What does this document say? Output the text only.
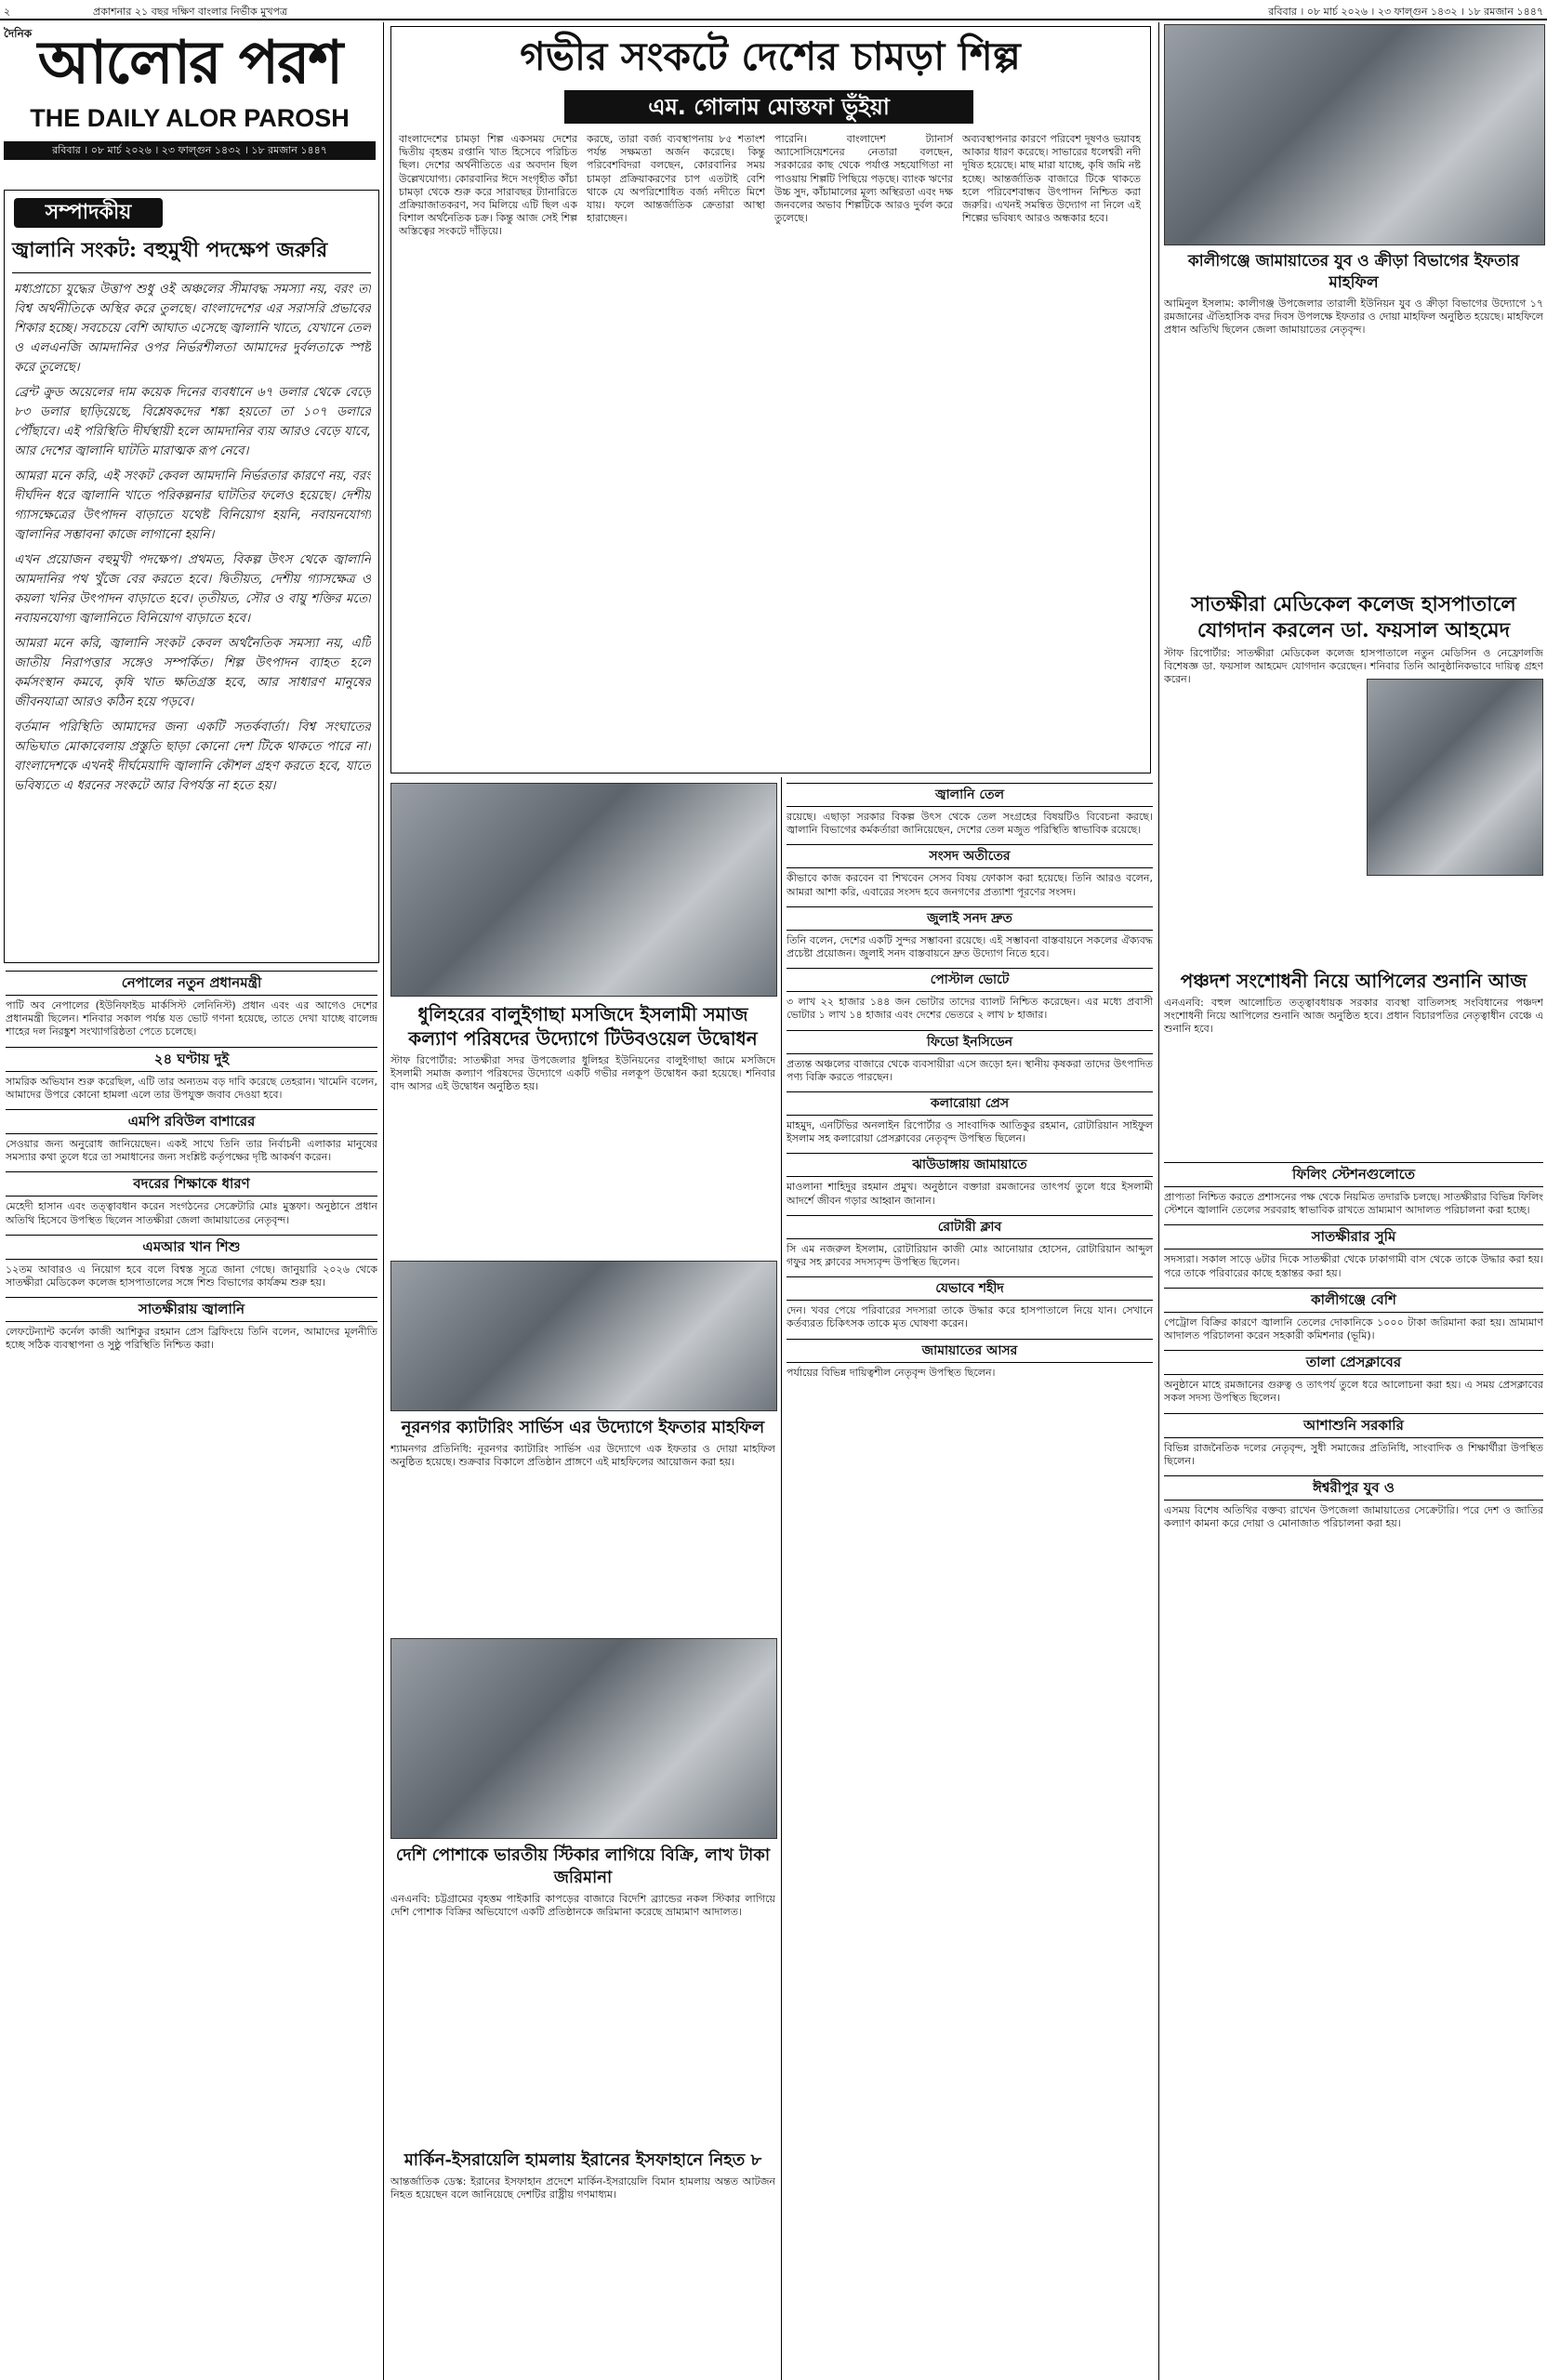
২	প্রকাশনার ২১ বছর দক্ষিণ বাংলার নির্ভীক মুখপত্র	রবিবার । ০৮ মার্চ ২০২৬ । ২৩ ফাল্গুন ১৪৩২ । ১৮ রমজান ১৪৪৭
দৈনিক আলোর পরশ
THE DAILY ALOR PAROSH
রবিবার । ০৮ মার্চ ২০২৬ । ২৩ ফাল্গুন ১৪৩২ । ১৮ রমজান ১৪৪৭
সম্পাদকীয়
জ্বালানি সংকট: বহুমুখী পদক্ষেপ জরুরি

মধ্যপ্রাচ্যে যুদ্ধের উত্তাপ শুধু ওই অঞ্চলের সীমাবদ্ধ সমস্যা নয়, বরং তা বিশ্ব অর্থনীতিকে অস্থির করে তুলছে। বাংলাদেশের এর সরাসরি প্রভাবের শিকার হচ্ছে। সবচেয়ে বেশি আঘাত এসেছে জ্বালানি খাতে, যেখানে তেল ও এলএনজি আমদানির ওপর নির্ভরশীলতা আমাদের দুর্বলতাকে স্পষ্ট করে তুলেছে।

ব্রেন্ট ক্রুড অয়েলের দাম কয়েক দিনের ব্যবধানে ৬৭ ডলার থেকে বেড়ে ৮৩ ডলার ছাড়িয়েছে, বিশ্লেষকদের শঙ্কা হয়তো তা ১০৭ ডলারে পৌঁছাবে। এই পরিস্থিতি দীর্ঘস্থায়ী হলে আমদানির ব্যয় আরও বেড়ে যাবে, আর দেশের জ্বালানি ঘাটতি মারাত্মক রূপ নেবে।

আমরা মনে করি, এই সংকট কেবল আমদানি নির্ভরতার কারণে নয়, বরং দীর্ঘদিন ধরে জ্বালানি খাতে পরিকল্পনার ঘাটতির ফলেও হয়েছে। দেশীয় গ্যাসক্ষেত্রের উৎপাদন বাড়াতে যথেষ্ট বিনিয়োগ হয়নি, নবায়নযোগ্য জ্বালানির সম্ভাবনা কাজে লাগানো হয়নি।

এখন প্রয়োজন বহুমুখী পদক্ষেপ। প্রথমত, বিকল্প উৎস থেকে জ্বালানি আমদানির পথ খুঁজে বের করতে হবে। দ্বিতীয়ত, দেশীয় গ্যাসক্ষেত্র ও কয়লা খনির উৎপাদন বাড়াতে হবে। তৃতীয়ত, সৌর ও বায়ু শক্তির মতো নবায়নযোগ্য জ্বালানিতে বিনিয়োগ বাড়াতে হবে।

আমরা মনে করি, জ্বালানি সংকট কেবল অর্থনৈতিক সমস্যা নয়, এটি জাতীয় নিরাপত্তার সঙ্গেও সম্পর্কিত। শিল্প উৎপাদন ব্যাহত হলে কর্মসংস্থান কমবে, কৃষি খাত ক্ষতিগ্রস্ত হবে, আর সাধারণ মানুষের জীবনযাত্রা আরও কঠিন হয়ে পড়বে।

বর্তমান পরিস্থিতি আমাদের জন্য একটি সতর্কবার্তা। বিশ্ব সংঘাতের অভিঘাত মোকাবেলায় প্রস্তুতি ছাড়া কোনো দেশ টিকে থাকতে পারে না। বাংলাদেশকে এখনই দীর্ঘমেয়াদি জ্বালানি কৌশল গ্রহণ করতে হবে, যাতে ভবিষ্যতে এ ধরনের সংকটে আর বিপর্যস্ত না হতে হয়।

নেপালের নতুন প্রধানমন্ত্রী

পাটি অব নেপালের (ইউনিফাইড মার্কসিস্ট লেনিনিস্ট) প্রধান এবং এর আগেও দেশের প্রধানমন্ত্রী ছিলেন। শনিবার সকাল পর্যন্ত যত ভোট গণনা হয়েছে, তাতে দেখা যাচ্ছে বালেন্দ্র শাহের দল নিরঙ্কুশ সংখ্যাগরিষ্ঠতা পেতে চলেছে।

২৪ ঘণ্টায় দুই

সামরিক অভিযান শুরু করেছিল, এটি তার অন্যতম বড় দাবি করেছে তেহরান। খামেনি বলেন, আমাদের উপরে কোনো হামলা এলে তার উপযুক্ত জবাব দেওয়া হবে।

এমপি রবিউল বাশারের

সেওয়ার জন্য অনুরোধ জানিয়েছেন। একই সাথে তিনি তার নির্বাচনী এলাকার মানুষের সমস্যার কথা তুলে ধরে তা সমাধানের জন্য সংশ্লিষ্ট কর্তৃপক্ষের দৃষ্টি আকর্ষণ করেন।

বদরের শিক্ষাকে ধারণ

মেহেদী হাসান এবং তত্ত্বাবধান করেন সংগঠনের সেক্রেটারি মোঃ মুস্তফা। অনুষ্ঠানে প্রধান অতিথি হিসেবে উপস্থিত ছিলেন সাতক্ষীরা জেলা জামায়াতের নেতৃবৃন্দ।

এমআর খান শিশু

১২তম আবারও এ নিয়োগ হবে বলে বিশ্বস্ত সূত্রে জানা গেছে। জানুয়ারি ২০২৬ থেকে সাতক্ষীরা মেডিকেল কলেজ হাসপাতালের সঙ্গে শিশু বিভাগের কার্যক্রম শুরু হয়।

সাতক্ষীরায় জ্বালানি

লেফটেন্যান্ট কর্নেল কাজী আশিকুর রহমান প্রেস ব্রিফিংয়ে তিনি বলেন, আমাদের মূলনীতি হচ্ছে সঠিক ব্যবস্থাপনা ও সুষ্ঠু পরিস্থিতি নিশ্চিত করা।

গভীর সংকটে দেশের চামড়া শিল্প
এম. গোলাম মোস্তফা ভুঁইয়া
বাংলাদেশের চামড়া শিল্প একসময় দেশের দ্বিতীয় বৃহত্তম রপ্তানি খাত হিসেবে পরিচিত ছিল। দেশের অর্থনীতিতে এর অবদান ছিল উল্লেখযোগ্য। কোরবানির ঈদে সংগৃহীত কাঁচা চামড়া থেকে শুরু করে সারাবছর ট্যানারিতে প্রক্রিয়াজাতকরণ, সব মিলিয়ে এটি ছিল এক বিশাল অর্থনৈতিক চক্র। কিন্তু আজ সেই শিল্প অস্তিত্বের সংকটে দাঁড়িয়ে।
করছে, তারা বর্জ্য ব্যবস্থাপনায় ৮৫ শতাংশ পর্যন্ত সক্ষমতা অর্জন করেছে। কিন্তু পরিবেশবিদরা বলছেন, কোরবানির সময় চামড়া প্রক্রিয়াকরণের চাপ এতটাই বেশি থাকে যে অপরিশোধিত বর্জ্য নদীতে মিশে যায়। ফলে আন্তর্জাতিক ক্রেতারা আস্থা হারাচ্ছেন।
পারেনি। বাংলাদেশ ট্যানার্স অ্যাসোসিয়েশনের নেতারা বলছেন, সরকারের কাছ থেকে পর্যাপ্ত সহযোগিতা না পাওয়ায় শিল্পটি পিছিয়ে পড়ছে। ব্যাংক ঋণের উচ্চ সুদ, কাঁচামালের মূল্য অস্থিরতা এবং দক্ষ জনবলের অভাব শিল্পটিকে আরও দুর্বল করে তুলেছে।
অব্যবস্থাপনার কারণে পরিবেশ দূষণও ভয়াবহ আকার ধারণ করেছে। সাভারের ধলেশ্বরী নদী দূষিত হয়েছে। মাছ মারা যাচ্ছে, কৃষি জমি নষ্ট হচ্ছে। আন্তর্জাতিক বাজারে টিকে থাকতে হলে পরিবেশবান্ধব উৎপাদন নিশ্চিত করা জরুরি। এখনই সমন্বিত উদ্যোগ না নিলে এই শিল্পের ভবিষ্যৎ আরও অন্ধকার হবে।
ধুলিহরের বালুইগাছা মসজিদে ইসলামী সমাজ কল্যাণ পরিষদের উদ্যোগে টিউবওয়েল উদ্বোধন

স্টাফ রিপোর্টার: সাতক্ষীরা সদর উপজেলার ধুলিহর ইউনিয়নের বালুইগাছা জামে মসজিদে ইসলামী সমাজ কল্যাণ পরিষদের উদ্যোগে একটি গভীর নলকূপ উদ্বোধন করা হয়েছে। শনিবার বাদ আসর এই উদ্বোধন অনুষ্ঠিত হয়।

নূরনগর ক্যাটারিং সার্ভিস এর উদ্যোগে ইফতার মাহফিল

শ্যামনগর প্রতিনিধি: নূরনগর ক্যাটারিং সার্ভিস এর উদ্যোগে এক ইফতার ও দোয়া মাহফিল অনুষ্ঠিত হয়েছে। শুক্রবার বিকালে প্রতিষ্ঠান প্রাঙ্গণে এই মাহফিলের আয়োজন করা হয়।

দেশি পোশাকে ভারতীয় স্টিকার লাগিয়ে বিক্রি, লাখ টাকা জরিমানা

এনএনবি: চট্টগ্রামের বৃহত্তম পাইকারি কাপড়ের বাজারে বিদেশি ব্র্যান্ডের নকল স্টিকার লাগিয়ে দেশি পোশাক বিক্রির অভিযোগে একটি প্রতিষ্ঠানকে জরিমানা করেছে ভ্রাম্যমাণ আদালত।

মার্কিন-ইসরায়েলি হামলায় ইরানের ইসফাহানে নিহত ৮

আন্তর্জাতিক ডেস্ক: ইরানের ইসফাহান প্রদেশে মার্কিন-ইসরায়েলি বিমান হামলায় অন্তত আটজন নিহত হয়েছেন বলে জানিয়েছে দেশটির রাষ্ট্রীয় গণমাধ্যম।

জ্বালানি তেল

রয়েছে। এছাড়া সরকার বিকল্প উৎস থেকে তেল সংগ্রহের বিষয়টিও বিবেচনা করছে। জ্বালানি বিভাগের কর্মকর্তারা জানিয়েছেন, দেশের তেল মজুত পরিস্থিতি স্বাভাবিক রয়েছে।

সংসদ অতীতের

কীভাবে কাজ করবেন বা শিখবেন সেসব বিষয় ফোকাস করা হয়েছে। তিনি আরও বলেন, আমরা আশা করি, এবারের সংসদ হবে জনগণের প্রত্যাশা পূরণের সংসদ।

জুলাই সনদ দ্রুত

তিনি বলেন, দেশের একটি সুন্দর সম্ভাবনা রয়েছে। এই সম্ভাবনা বাস্তবায়নে সকলের ঐক্যবদ্ধ প্রচেষ্টা প্রয়োজন। জুলাই সনদ বাস্তবায়নে দ্রুত উদ্যোগ নিতে হবে।

পোস্টাল ভোটে

৩ লাখ ২২ হাজার ১৪৪ জন ভোটার তাদের ব্যালট নিশ্চিত করেছেন। এর মধ্যে প্রবাসী ভোটার ১ লাখ ১৪ হাজার এবং দেশের ভেতরে ২ লাখ ৮ হাজার।

ফিডো ইনসিডেন

প্রত্যন্ত অঞ্চলের বাজারে থেকে ব্যবসায়ীরা এসে জড়ো হন। স্থানীয় কৃষকরা তাদের উৎপাদিত পণ্য বিক্রি করতে পারছেন।

কলারোয়া প্রেস

মাহমুদ, এনটিভির অনলাইন রিপোর্টার ও সাংবাদিক আতিকুর রহমান, রোটারিয়ান সাইফুল ইসলাম সহ কলারোয়া প্রেসক্লাবের নেতৃবৃন্দ উপস্থিত ছিলেন।

ঝাউডাঙ্গায় জামায়াতে

মাওলানা শাহিদুর রহমান প্রমুখ। অনুষ্ঠানে বক্তারা রমজানের তাৎপর্য তুলে ধরে ইসলামী আদর্শে জীবন গড়ার আহ্বান জানান।

রোটারী ক্লাব

সি এম নজরুল ইসলাম, রোটারিয়ান কাজী মোঃ আনোয়ার হোসেন, রোটারিয়ান আব্দুল গফুর সহ ক্লাবের সদস্যবৃন্দ উপস্থিত ছিলেন।

যেভাবে শহীদ

দেন। খবর পেয়ে পরিবারের সদস্যরা তাকে উদ্ধার করে হাসপাতালে নিয়ে যান। সেখানে কর্তব্যরত চিকিৎসক তাকে মৃত ঘোষণা করেন।

জামায়াতের আসর

পর্যায়ের বিভিন্ন দায়িত্বশীল নেতৃবৃন্দ উপস্থিত ছিলেন।

কালীগঞ্জে জামায়াতের যুব ও ক্রীড়া বিভাগের ইফতার মাহফিল

আমিনুল ইসলাম: কালীগঞ্জ উপজেলার তারালী ইউনিয়ন যুব ও ক্রীড়া বিভাগের উদ্যোগে ১৭ রমজানের ঐতিহাসিক বদর দিবস উপলক্ষে ইফতার ও দোয়া মাহফিল অনুষ্ঠিত হয়েছে। মাহফিলে প্রধান অতিথি ছিলেন জেলা জামায়াতের নেতৃবৃন্দ।

সাতক্ষীরা মেডিকেল কলেজ হাসপাতালে যোগদান করলেন ডা. ফয়সাল আহমেদ

স্টাফ রিপোর্টার: সাতক্ষীরা মেডিকেল কলেজ হাসপাতালে নতুন মেডিসিন ও নেফ্রোলজি বিশেষজ্ঞ ডা. ফয়সাল আহমেদ যোগদান করেছেন। শনিবার তিনি আনুষ্ঠানিকভাবে দায়িত্ব গ্রহণ করেন।

পঞ্চদশ সংশোধনী নিয়ে আপিলের শুনানি আজ

এনএনবি: বহুল আলোচিত তত্ত্বাবধায়ক সরকার ব্যবস্থা বাতিলসহ সংবিধানের পঞ্চদশ সংশোধনী নিয়ে আপিলের শুনানি আজ অনুষ্ঠিত হবে। প্রধান বিচারপতির নেতৃত্বাধীন বেঞ্চে এ শুনানি হবে।

ফিলিং স্টেশনগুলোতে

প্রাপ্যতা নিশ্চিত করতে প্রশাসনের পক্ষ থেকে নিয়মিত তদারকি চলছে। সাতক্ষীরার বিভিন্ন ফিলিং স্টেশনে জ্বালানি তেলের সরবরাহ স্বাভাবিক রাখতে ভ্রাম্যমাণ আদালত পরিচালনা করা হচ্ছে।

সাতক্ষীরার সুমি

সদস্যরা। সকাল সাড়ে ৬টার দিকে সাতক্ষীরা থেকে ঢাকাগামী বাস থেকে তাকে উদ্ধার করা হয়। পরে তাকে পরিবারের কাছে হস্তান্তর করা হয়।

কালীগঞ্জে বেশি

পেট্রোল বিক্রির কারণে জ্বালানি তেলের দোকানিকে ১০০০ টাকা জরিমানা করা হয়। ভ্রাম্যমাণ আদালত পরিচালনা করেন সহকারী কমিশনার (ভূমি)।

তালা প্রেসক্লাবের

অনুষ্ঠানে মাহে রমজানের গুরুত্ব ও তাৎপর্য তুলে ধরে আলোচনা করা হয়। এ সময় প্রেসক্লাবের সকল সদস্য উপস্থিত ছিলেন।

আশাশুনি সরকারি

বিভিন্ন রাজনৈতিক দলের নেতৃবৃন্দ, সুধী সমাজের প্রতিনিধি, সাংবাদিক ও শিক্ষার্থীরা উপস্থিত ছিলেন।

ঈশ্বরীপুর যুব ও

এসময় বিশেষ অতিথির বক্তব্য রাখেন উপজেলা জামায়াতের সেক্রেটারি। পরে দেশ ও জাতির কল্যাণ কামনা করে দোয়া ও মোনাজাত পরিচালনা করা হয়।
